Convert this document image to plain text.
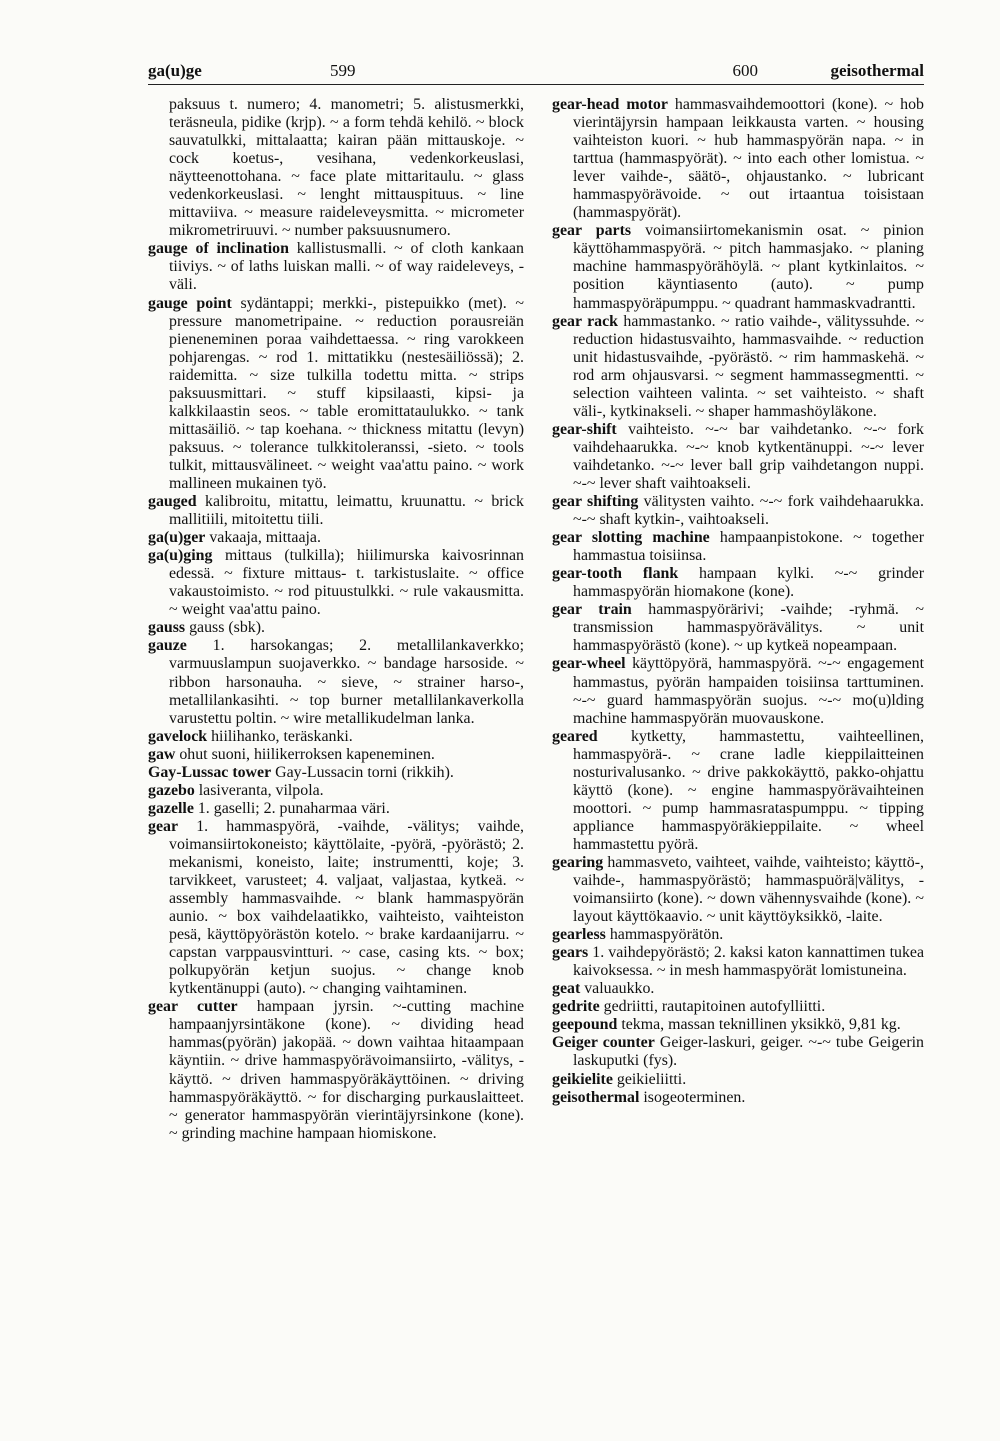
ga(u)ge	599	600	geisothermal
paksuus t. numero; 4. manometri; 5. alistusmerkki, teräsneula, pidike (krjp). ~ a form tehdä kehilö. ~ block sauvatulkki, mittalaatta; kairan pään mittauskoje. ~ cock koetus-, vesihana, vedenkorkeuslasi, näytteenottohana. ~ face plate mittaritaulu. ~ glass vedenkorkeuslasi. ~ lenght mittauspituus. ~ line mittaviiva. ~ measure raideleveysmitta. ~ micrometer mikrometriruuvi. ~ number paksuusnumero.
gauge of inclination kallistusmalli. ~ of cloth kankaan tiiviys. ~ of laths luiskan malli. ~ of way raideleveys, -väli.
gauge point sydäntappi; merkki-, pistepuikko (met). ~ pressure manometripaine. ~ reduction porausreiän pieneneminen poraa vaihdettaessa. ~ ring varokkeen pohjarengas. ~ rod 1. mittatikku (nestesäiliössä); 2. raidemitta. ~ size tulkilla todettu mitta. ~ strips paksuusmittari. ~ stuff kipsilaasti, kipsi- ja kalkkilaastin seos. ~ table eromittataulukko. ~ tank mittasäiliö. ~ tap koehana. ~ thickness mitattu (levyn) paksuus. ~ tolerance tulkkitoleranssi, -sieto. ~ tools tulkit, mittausvälineet. ~ weight vaa'attu paino. ~ work mallineen mukainen työ.
gauged kalibroitu, mitattu, leimattu, kruunattu. ~ brick mallitiili, mitoitettu tiili.
ga(u)ger vakaaja, mittaaja.
ga(u)ging mittaus (tulkilla); hiilimurska kaivosrinnan edessä. ~ fixture mittaus- t. tarkistuslaite. ~ office vakaustoimisto. ~ rod pituustulkki. ~ rule vakausmitta. ~ weight vaa'attu paino.
gauss gauss (sbk).
gauze 1. harsokangas; 2. metallilankaverkko; varmuuslampun suojaverkko. ~ bandage harsoside. ~ ribbon harsonauha. ~ sieve, ~ strainer harso-, metallilankasihti. ~ top burner metallilankaverkolla varustettu poltin. ~ wire metallikudelman lanka.
gavelock hiilihanko, teräskanki.
gaw ohut suoni, hiilikerroksen kapeneminen.
Gay-Lussac tower Gay-Lussacin torni (rikkih).
gazebo lasiveranta, vilpola.
gazelle 1. gaselli; 2. punaharmaa väri.
gear 1. hammaspyörä, -vaihde, -välitys; vaihde, voimansiirtokoneisto; käyttölaite, -pyörä, -pyörästö; 2. mekanismi, koneisto, laite; instrumentti, koje; 3. tarvikkeet, varusteet; 4. valjaat, valjastaa, kytkeä. ~ assembly hammasvaihde. ~ blank hammaspyörän aunio. ~ box vaihdelaatikko, vaihteisto, vaihteiston pesä, käyttöpyörästön kotelo. ~ brake kardaanijarru. ~ capstan varppausvintturi. ~ case, casing kts. ~ box; polkupyörän ketjun suojus. ~ change knob kytkentänuppi (auto). ~ changing vaihtaminen.
gear cutter hampaan jyrsin. ~-cutting machine hampaanjyrsintäkone (kone). ~ dividing head hammas(pyörän) jakopää. ~ down vaihtaa hitaampaan käyntiin. ~ drive hammaspyörävoimansiirto, -välitys, -käyttö. ~ driven hammaspyöräkäyttöinen. ~ driving hammaspyöräkäyttö. ~ for discharging purkauslaitteet. ~ generator hammaspyörän vierintäjyrsinkone (kone). ~ grinding machine hampaan hiomiskone.
gear-head motor hammasvaihdemoottori (kone). ~ hob vierintäjyrsin hampaan leikkausta varten. ~ housing vaihteiston kuori. ~ hub hammaspyörän napa. ~ in tarttua (hammaspyörät). ~ into each other lomistua. ~ lever vaihde-, säätö-, ohjaustanko. ~ lubricant hammaspyörävoide. ~ out irtaantua toisistaan (hammaspyörät).
gear parts voimansiirtomekanismin osat. ~ pinion käyttöhammaspyörä. ~ pitch hammasjako. ~ planing machine hammaspyörähöylä. ~ plant kytkinlaitos. ~ position käyntiasento (auto). ~ pump hammaspyöräpumppu. ~ quadrant hammaskvadrantti.
gear rack hammastanko. ~ ratio vaihde-, välityssuhde. ~ reduction hidastusvaihto, hammasvaihde. ~ reduction unit hidastusvaihde, -pyörästö. ~ rim hammaskehä. ~ rod arm ohjausvarsi. ~ segment hammassegmentti. ~ selection vaihteen valinta. ~ set vaihteisto. ~ shaft väli-, kytkinakseli. ~ shaper hammashöyläkone.
gear-shift vaihteisto. ~-~ bar vaihdetanko. ~-~ fork vaihdehaarukka. ~-~ knob kytkentänuppi. ~-~ lever vaihdetanko. ~-~ lever ball grip vaihdetangon nuppi. ~-~ lever shaft vaihtoakseli.
gear shifting välitysten vaihto. ~-~ fork vaihdehaarukka. ~-~ shaft kytkin-, vaihtoakseli.
gear slotting machine hampaanpistokone. ~ together hammastua toisiinsa.
gear-tooth flank hampaan kylki. ~-~ grinder hammaspyörän hiomakone (kone).
gear train hammaspyörärivi; -vaihde; -ryhmä. ~ transmission hammaspyörävälitys. ~ unit hammaspyörästö (kone). ~ up kytkeä nopeampaan.
gear-wheel käyttöpyörä, hammaspyörä. ~-~ engagement hammastus, pyörän hampaiden toisiinsa tarttuminen. ~-~ guard hammaspyörän suojus. ~-~ mo(u)lding machine hammaspyörän muovauskone.
geared kytketty, hammastettu, vaihteellinen, hammaspyörä-. ~ crane ladle kieppilaitteinen nosturivalusanko. ~ drive pakkokäyttö, pakko-ohjattu käyttö (kone). ~ engine hammaspyörävaihteinen moottori. ~ pump hammasrataspumppu. ~ tipping appliance hammaspyöräkieppilaite. ~ wheel hammastettu pyörä.
gearing hammasveto, vaihteet, vaihde, vaihteisto; käyttö-, vaihde-, hammaspyörästö; hammaspuörä|välitys, -voimansiirto (kone). ~ down vähennysvaihde (kone). ~ layout käyttökaavio. ~ unit käyttöyksikkö, -laite.
gearless hammaspyörätön.
gears 1. vaihdepyörästö; 2. kaksi katon kannattimen tukea kaivoksessa. ~ in mesh hammaspyörät lomistuneina.
geat valuaukko.
gedrite gedriitti, rautapitoinen autofylliitti.
geepound tekma, massan teknillinen yksikkö, 9,81 kg.
Geiger counter Geiger-laskuri, geiger. ~-~ tube Geigerin laskuputki (fys).
geikielite geikieliitti.
geisothermal isogeoterminen.
